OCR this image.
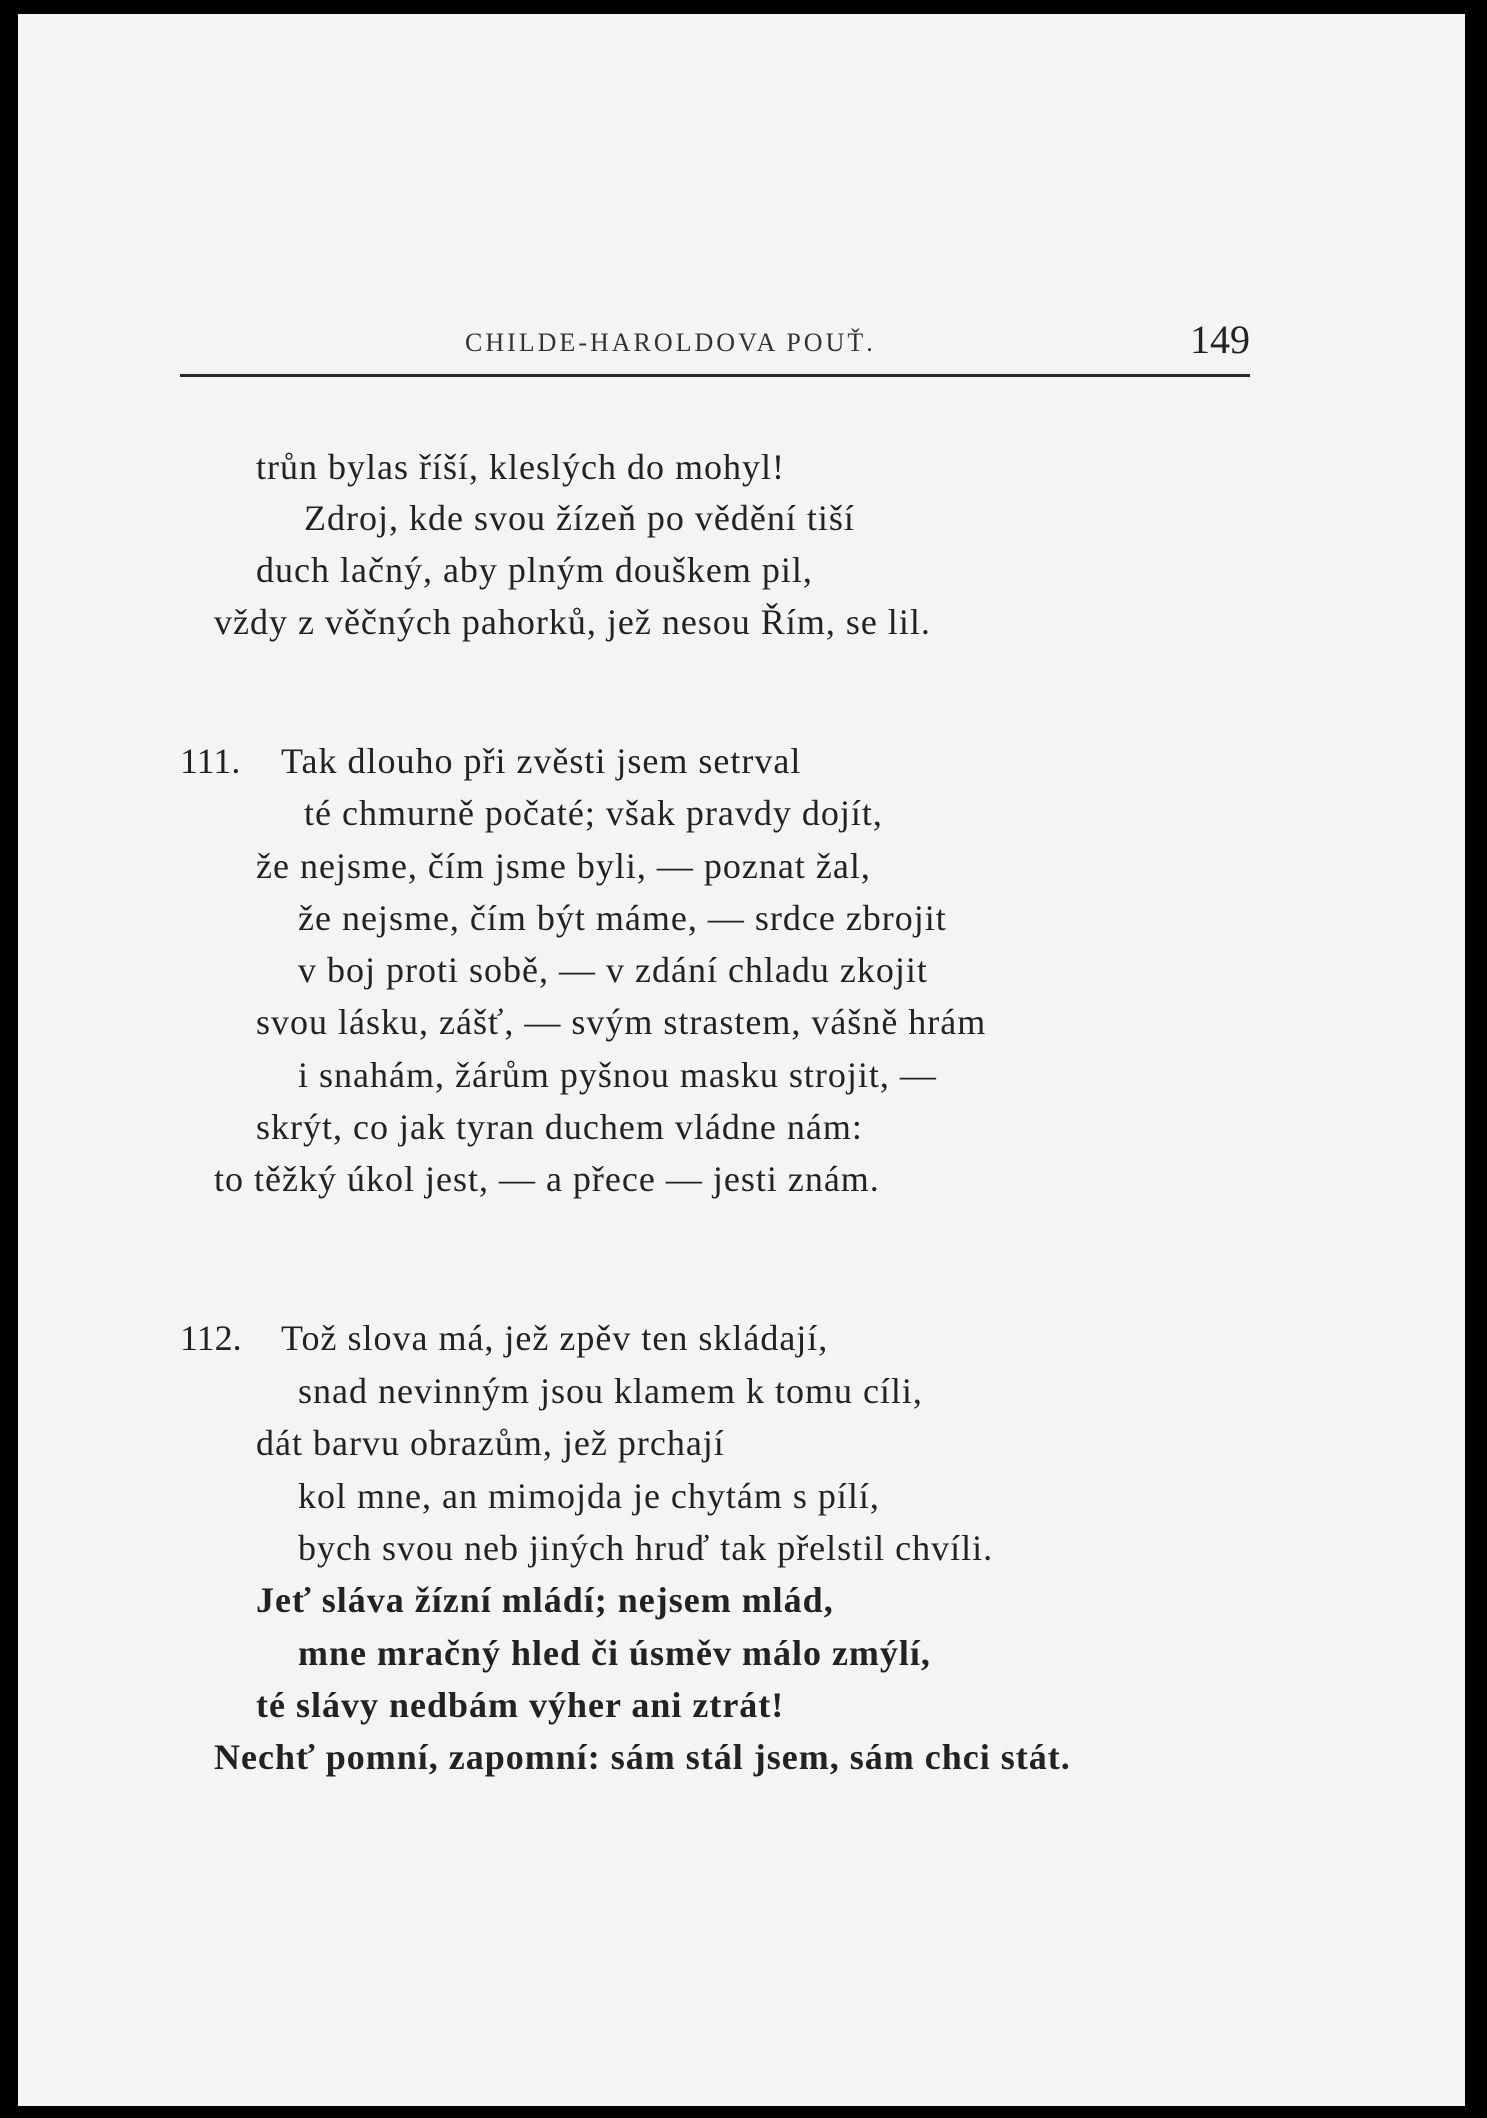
CHILDE-HAROLDOVA POUŤ.	149
trůn bylas říší, kleslých do mohyl!
Zdroj, kde svou žízeň po vědění tiší
duch lačný, aby plným douškem pil,
vždy z věčných pahorků, jež nesou Řím, se lil.
111. Tak dlouho při zvěsti jsem setrval
té chmurně počaté; však pravdy dojít,
že nejsme, čím jsme byli, — poznat žal,
že nejsme, čím být máme, — srdce zbrojit
v boj proti sobě, — v zdání chladu zkojit
svou lásku, zášť, — svým strastem, vášně hrám
i snahám, žárům pyšnou masku strojit, —
skrýt, co jak tyran duchem vládne nám:
to těžký úkol jest, — a přece — jesti znám.
112. Tož slova má, jež zpěv ten skládají,
snad nevinným jsou klamem k tomu cíli,
dát barvu obrazům, jež prchají
kol mne, an mimojda je chytám s pílí,
bych svou neb jiných hruď tak přelstil chvíli.
Jeť sláva žízní mládí; nejsem mlád,
mne mračný hled či úsměv málo zmýlí,
té slávy nedbám výher ani ztrát!
Nechť pomní, zapomní: sám stál jsem, sám chci stát.
